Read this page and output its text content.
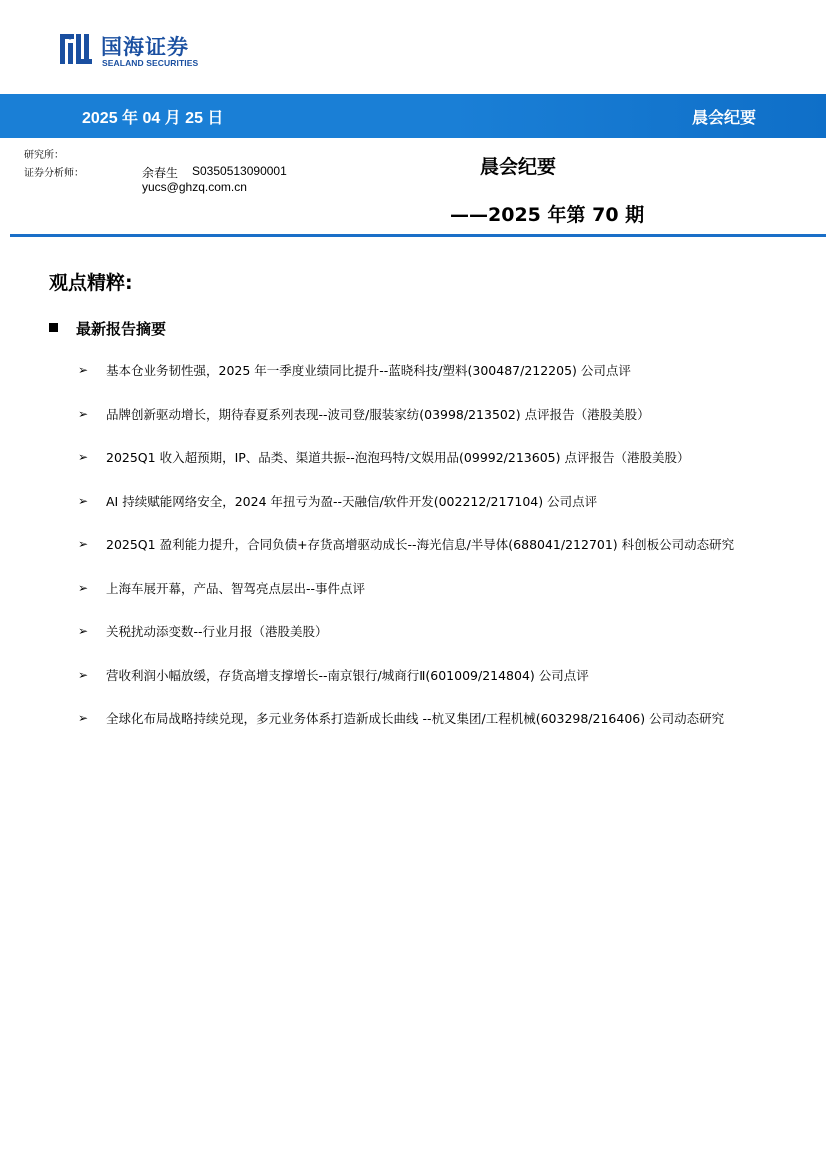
国海证券
SEALAND SECURITIES
2025 年 04 月 25 日	晨会纪要
研究所：
证券分析师：	余春生 S0350513090001
yucs@ghzq.com.cn
晨会纪要
——2025 年第 70 期
观点精粹:
最新报告摘要
➢ 基本仓业务韧性强，2025 年一季度业绩同比提升--蓝晓科技/塑料(300487/212205) 公司点评
➢ 品牌创新驱动增长，期待春夏系列表现--波司登/服装家纺(03998/213502) 点评报告（港股美股）
➢ 2025Q1 收入超预期，IP、品类、渠道共振--泡泡玛特/文娱用品(09992/213605) 点评报告（港股美股）
➢ AI 持续赋能网络安全，2024 年扭亏为盈--天融信/软件开发(002212/217104) 公司点评
➢ 2025Q1 盈利能力提升，合同负债+存货高增驱动成长--海光信息/半导体(688041/212701) 科创板公司动态研究
➢ 上海车展开幕，产品、智驾亮点层出--事件点评
➢ 关税扰动添变数--行业月报（港股美股）
➢ 营收利润小幅放缓，存货高增支撑增长--南京银行/城商行Ⅱ(601009/214804) 公司点评
➢ 全球化布局战略持续兑现，多元业务体系打造新成长曲线 --杭叉集团/工程机械(603298/216406) 公司动态研究
